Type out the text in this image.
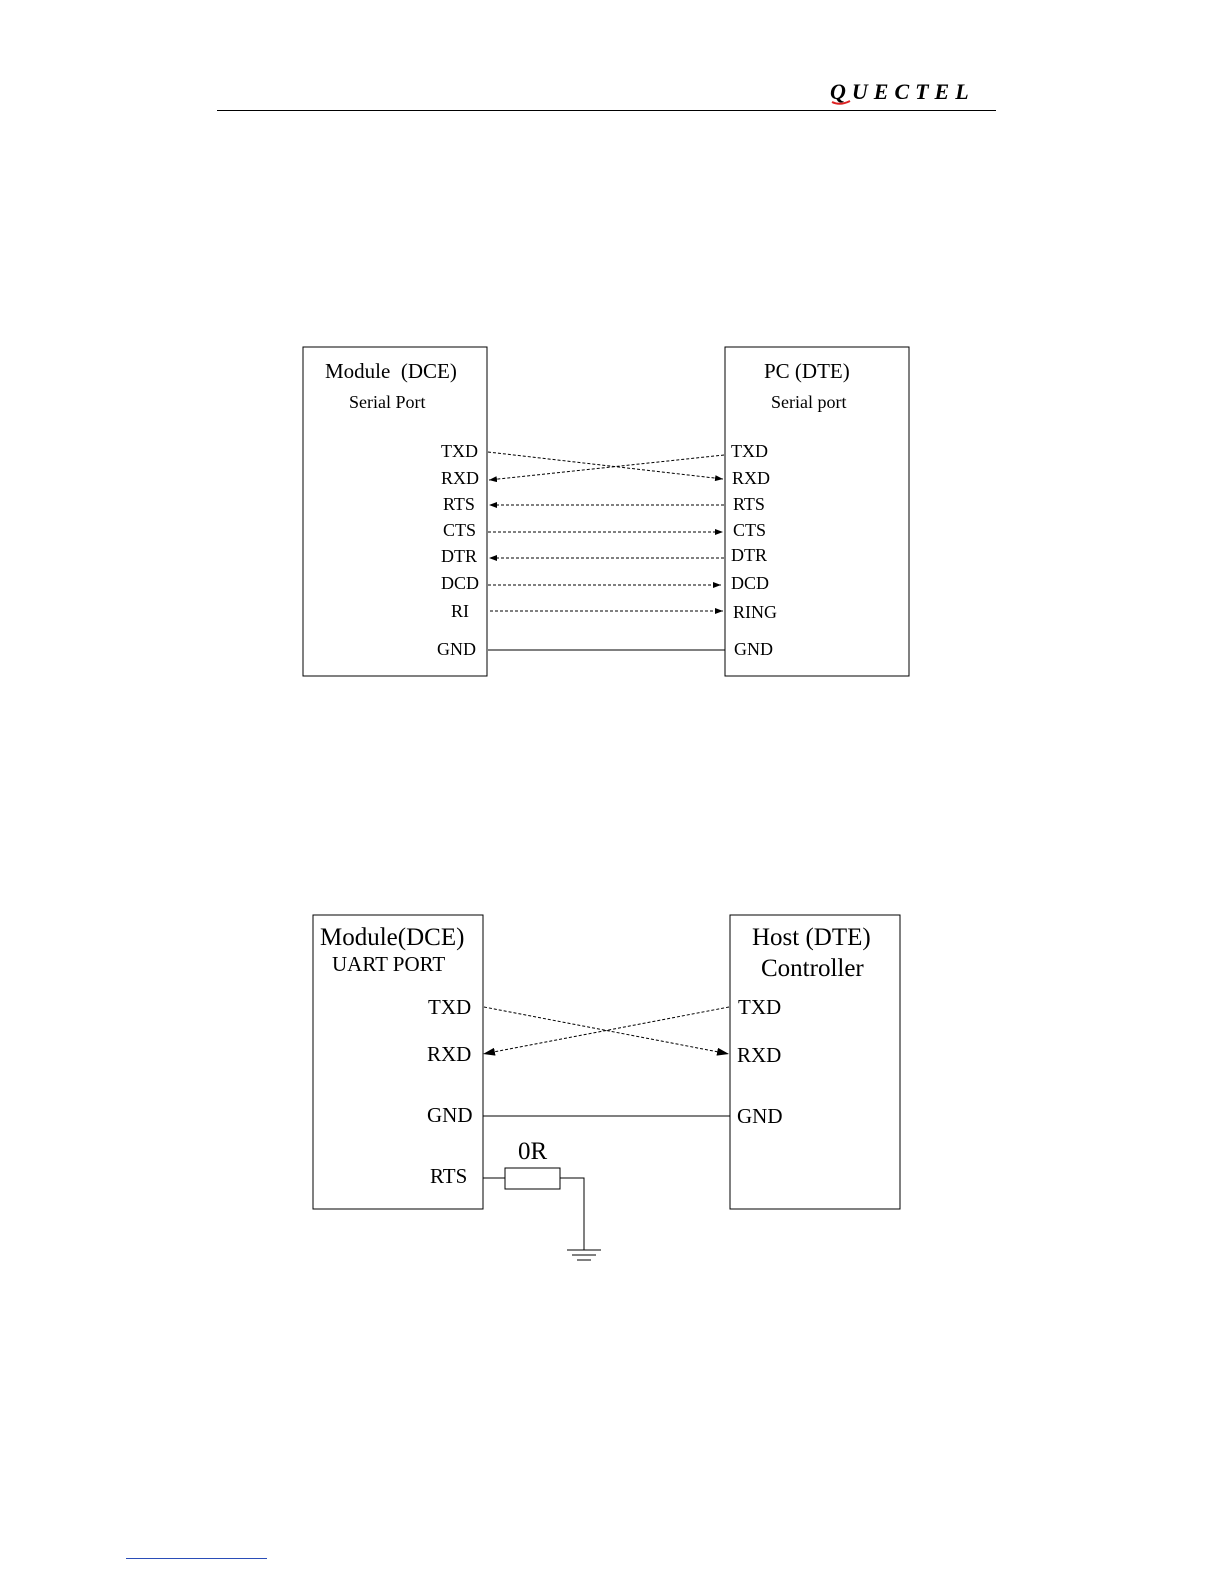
QUECTEL
Module  (DCE)
Serial Port
PC (DTE)
Serial port
TXD
RXD
RTS
CTS
DTR
DCD
RI
GND
TXD
RXD
RTS
CTS
DTR
DCD
RING
GND
Module(DCE)
UART PORT
Host (DTE)
Controller
TXD
RXD
GND
RTS
TXD
RXD
GND
0R
